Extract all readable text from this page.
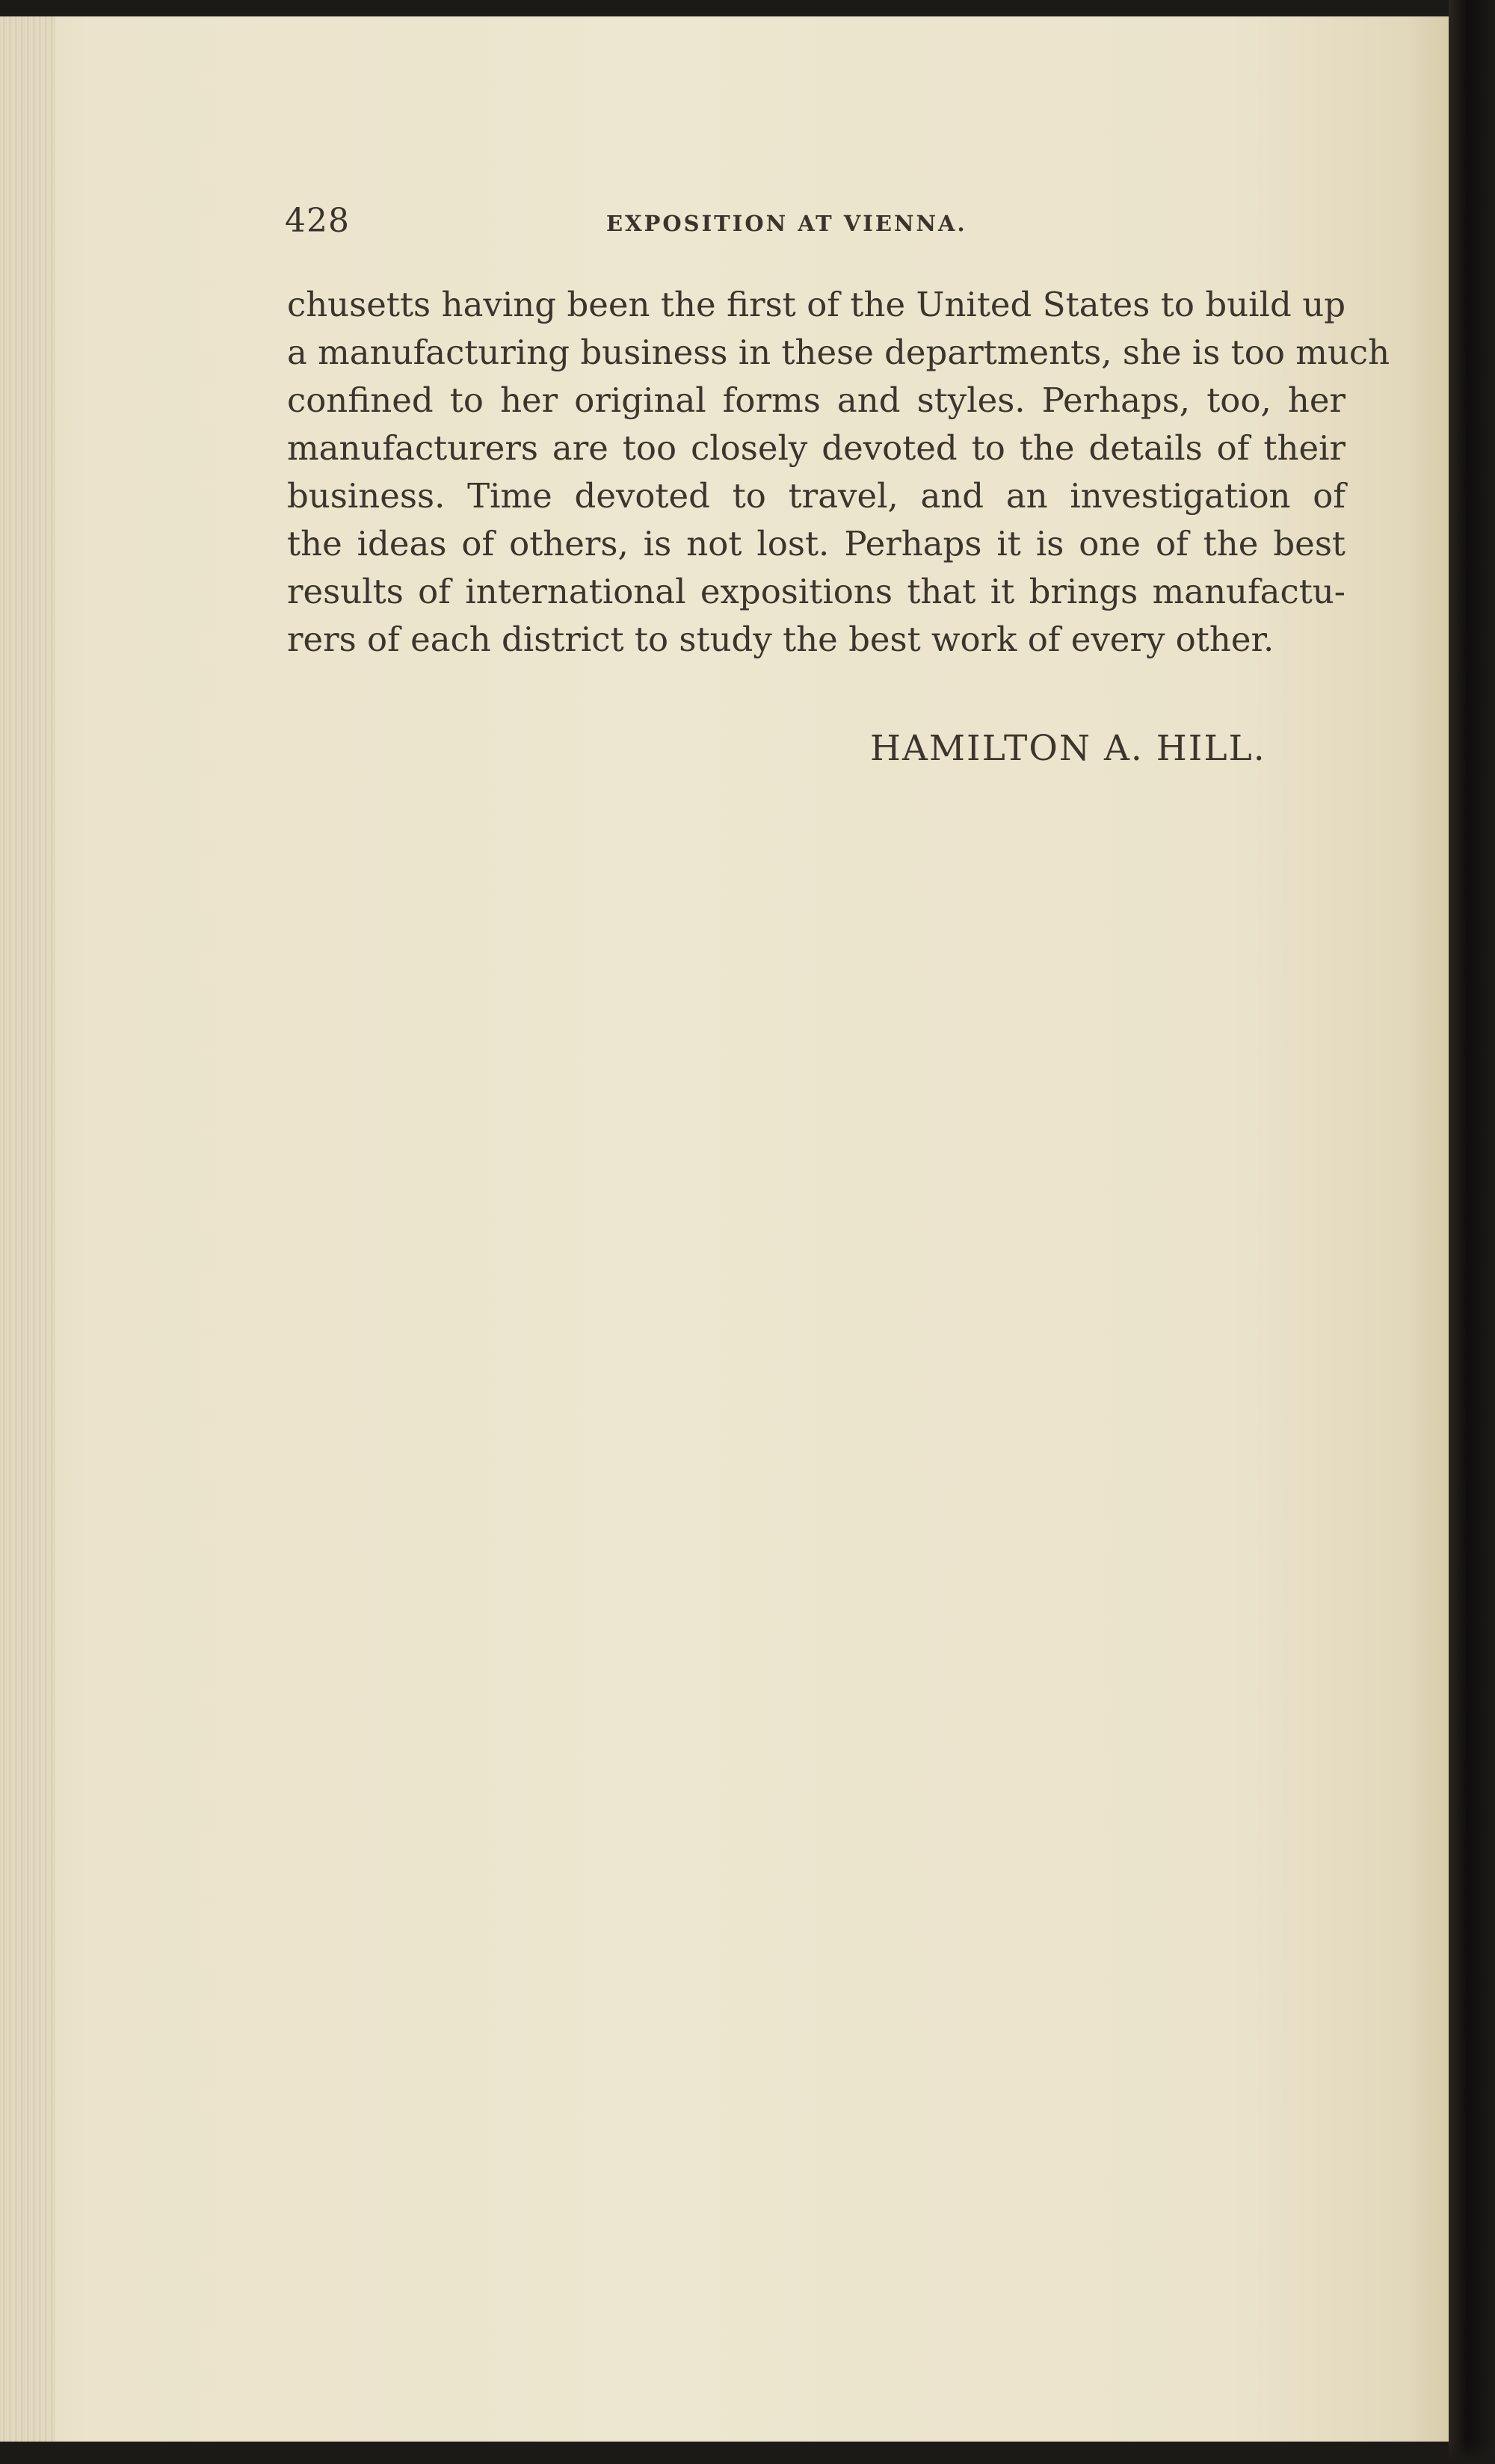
428	EXPOSITION AT VIENNA.
chusetts having been the first of the United States to build up
a manufacturing business in these departments, she is too much
confined to her original forms and styles. Perhaps, too, her
manufacturers are too closely devoted to the details of their
business. Time devoted to travel, and an investigation of
the ideas of others, is not lost. Perhaps it is one of the best
results of international expositions that it brings manufactu-
rers of each district to study the best work of every other.
HAMILTON A. HILL.
